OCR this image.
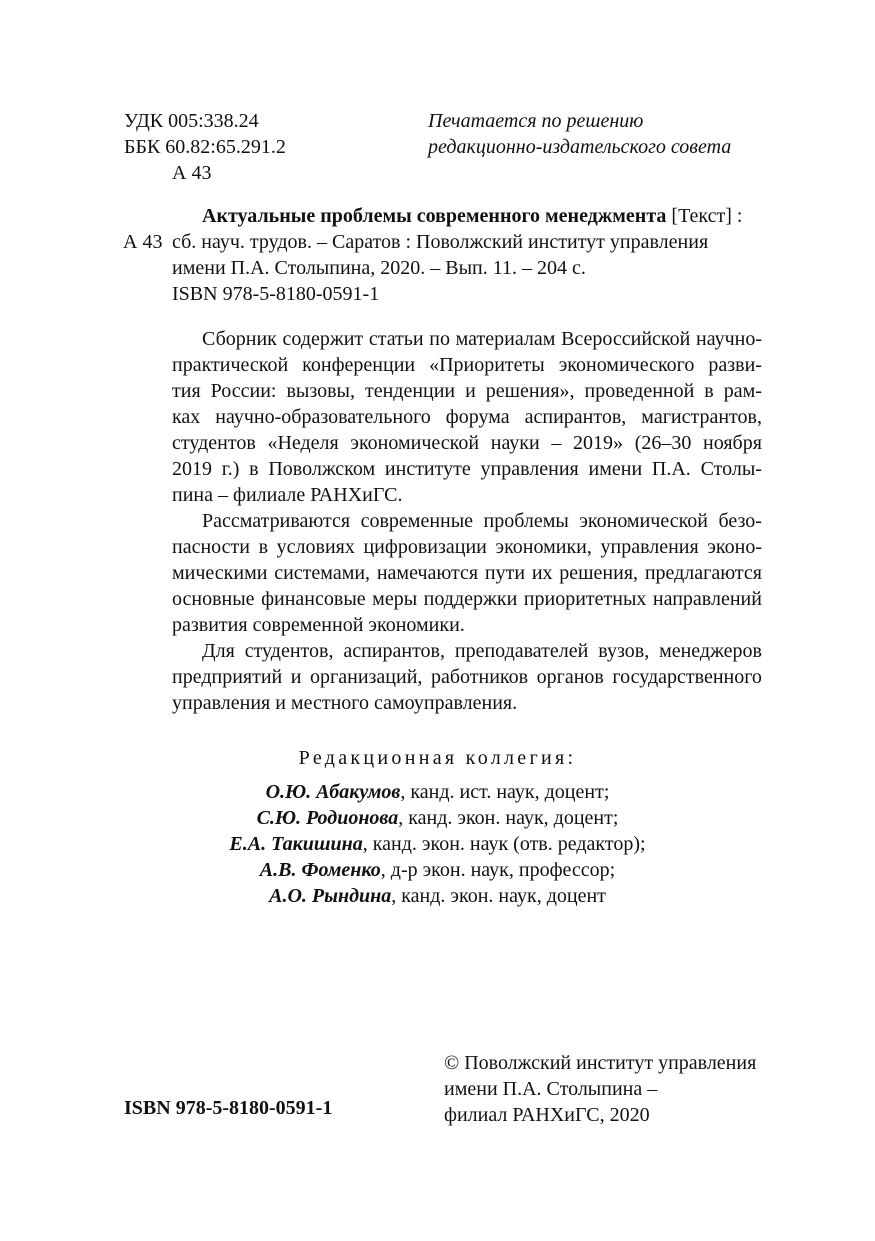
УДК 005:338.24
ББК 60.82:65.291.2
А 43
Печатается по решению
редакционно-издательского совета
А 43
Актуальные проблемы современного менеджмента [Текст] :
сб. науч. трудов. – Саратов : Поволжский институт управления
имени П.А. Столыпина, 2020. – Вып. 11. – 204 с.
ISBN 978-5-8180-0591-1
Сборник содержит статьи по материалам Всероссийской научно-
практической конференции «Приоритеты экономического разви-
тия России: вызовы, тенденции и решения», проведенной в рам-
ках научно-образовательного форума аспирантов, магистрантов,
студентов «Неделя экономической науки – 2019» (26–30 ноября
2019 г.) в Поволжском институте управления имени П.А. Столы-
пина – филиале РАНХиГС.
Рассматриваются современные проблемы экономической безо-
пасности в условиях цифровизации экономики, управления эконо-
мическими системами, намечаются пути их решения, предлагаются
основные финансовые меры поддержки приоритетных направлений
развития современной экономики.
Для студентов, аспирантов, преподавателей вузов, менеджеров
предприятий и организаций, работников органов государственного
управления и местного самоуправления.
Редакционная коллегия:
О.Ю. Абакумов, канд. ист. наук, доцент;
С.Ю. Родионова, канд. экон. наук, доцент;
Е.А. Такишина, канд. экон. наук (отв. редактор);
А.В. Фоменко, д-р экон. наук, профессор;
А.О. Рындина, канд. экон. наук, доцент
ISBN 978-5-8180-0591-1
© Поволжский институт управления
имени П.А. Столыпина –
филиал РАНХиГС, 2020
